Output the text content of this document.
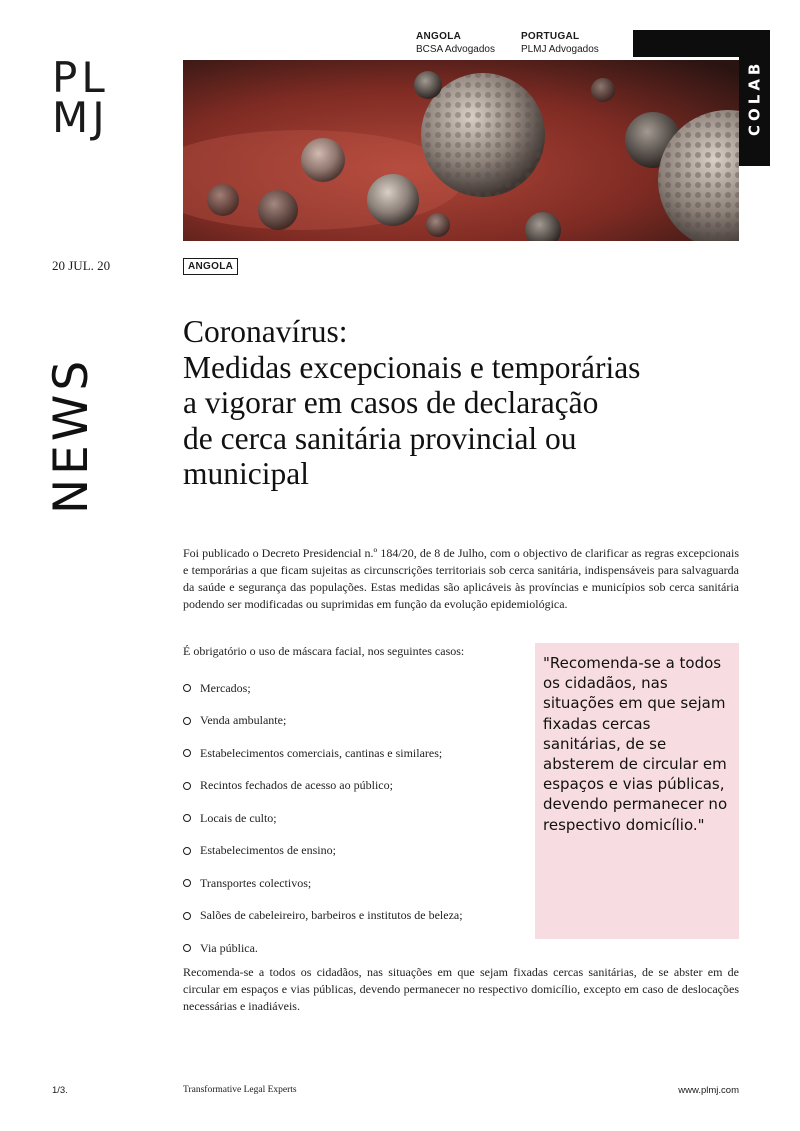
PL
MJ
ANGOLA
BCSA Advogados
PORTUGAL
PLMJ Advogados
COLAB
20 JUL. 20	ANGOLA
NEWS
Coronavírus:
Medidas excepcionais e temporárias
a vigorar em casos de declaração
de cerca sanitária provincial ou
municipal

Foi publicado o Decreto Presidencial n.º 184/20, de 8 de Julho, com o objectivo de clarificar as regras excepcionais e temporárias a que ficam sujeitas as circunscrições territoriais sob cerca sanitária, indispensáveis para salvaguarda da saúde e segurança das populações. Estas medidas são aplicáveis às províncias e municípios sob cerca sanitária podendo ser modificadas ou suprimidas em função da evolução epidemiológica.

É obrigatório o uso de máscara facial, nos seguintes casos:

Mercados;
Venda ambulante;
Estabelecimentos comerciais, cantinas e similares;
Recintos fechados de acesso ao público;
Locais de culto;
Estabelecimentos de ensino;
Transportes colectivos;
Salões de cabeleireiro, barbeiros e institutos de beleza;
Via pública.

"Recomenda-se a todos os cidadãos, nas situações em que sejam fixadas cercas sanitárias, de se absterem de circular em espaços e vias públicas, devendo permanecer no respectivo domicílio."

Recomenda-se a todos os cidadãos, nas situações em que sejam fixadas cercas sanitárias, de se abster em de circular em espaços e vias públicas, devendo permanecer no respectivo domicílio, excepto em caso de deslocações necessárias e inadiáveis.

1/3.	Transformative Legal Experts	www.plmj.com
